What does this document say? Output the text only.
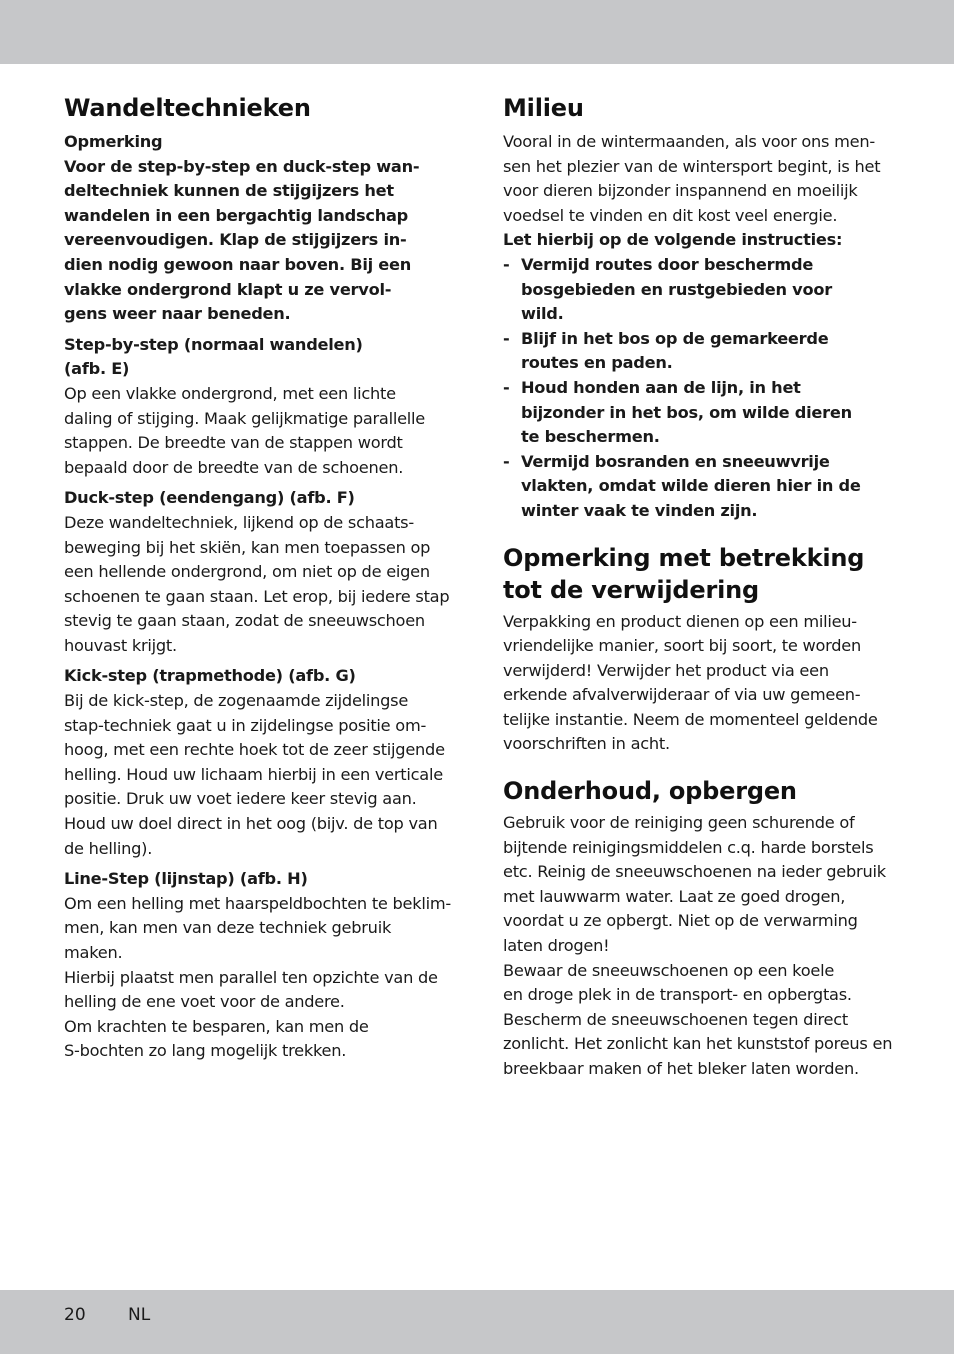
Wandeltechnieken

Opmerking

Voor de step-by-step en duck-step wan-

deltechniek kunnen de stijgijzers het

wandelen in een bergachtig landschap

vereenvoudigen. Klap de stijgijzers in-

dien nodig gewoon naar boven. Bij een

vlakke ondergrond klapt u ze vervol-

gens weer naar beneden.

Step-by-step (normaal wandelen)

(afb. E)

Op een vlakke ondergrond, met een lichte

daling of stijging. Maak gelijkmatige parallelle

stappen. De breedte van de stappen wordt

bepaald door de breedte van de schoenen.

Duck-step (eendengang) (afb. F)

Deze wandeltechniek, lijkend op de schaats-

beweging bij het skiën, kan men toepassen op

een hellende ondergrond, om niet op de eigen

schoenen te gaan staan. Let erop, bij iedere stap

stevig te gaan staan, zodat de sneeuwschoen

houvast krijgt.

Kick-step (trapmethode) (afb. G)

Bij de kick-step, de zogenaamde zijdelingse

stap-techniek gaat u in zijdelingse positie om-

hoog, met een rechte hoek tot de zeer stijgende

helling. Houd uw lichaam hierbij in een verticale

positie. Druk uw voet iedere keer stevig aan.

Houd uw doel direct in het oog (bijv. de top van

de helling).

Line-Step (lijnstap) (afb. H)

Om een helling met haarspeldbochten te beklim-

men, kan men van deze techniek gebruik maken.

Hierbij plaatst men parallel ten opzichte van de

helling de ene voet voor de andere.

Om krachten te besparen, kan men de

S-bochten zo lang mogelijk trekken.

Milieu

Vooral in de wintermaanden, als voor ons men-

sen het plezier van de wintersport begint, is het

voor dieren bijzonder inspannend en moeilijk

voedsel te vinden en dit kost veel energie.

Let hierbij op de volgende instructies:

- Vermijd routes door beschermde
bosgebieden en rustgebieden voor
wild.
- Blijf in het bos op de gemarkeerde
routes en paden.
- Houd honden aan de lijn, in het
bijzonder in het bos, om wilde dieren
te beschermen.
- Vermijd bosranden en sneeuwvrije
vlakten, omdat wilde dieren hier in de
winter vaak te vinden zijn.
Opmerking met betrekking
tot de verwijdering

Verpakking en product dienen op een milieu-

vriendelijke manier, soort bij soort, te worden

verwijderd! Verwijder het product via een

erkende afvalverwijderaar of via uw gemeen-

telijke instantie. Neem de momenteel geldende

voorschriften in acht.

Onderhoud, opbergen

Gebruik voor de reiniging geen schurende of

bijtende reinigingsmiddelen c.q. harde borstels

etc. Reinig de sneeuwschoenen na ieder gebruik

met lauwwarm water. Laat ze goed drogen,

voordat u ze opbergt. Niet op de verwarming

laten drogen!

Bewaar de sneeuwschoenen op een koele

en droge plek in de transport- en opbergtas.

Bescherm de sneeuwschoenen tegen direct

zonlicht. Het zonlicht kan het kunststof poreus en

breekbaar maken of het bleker laten worden.

20 NL
